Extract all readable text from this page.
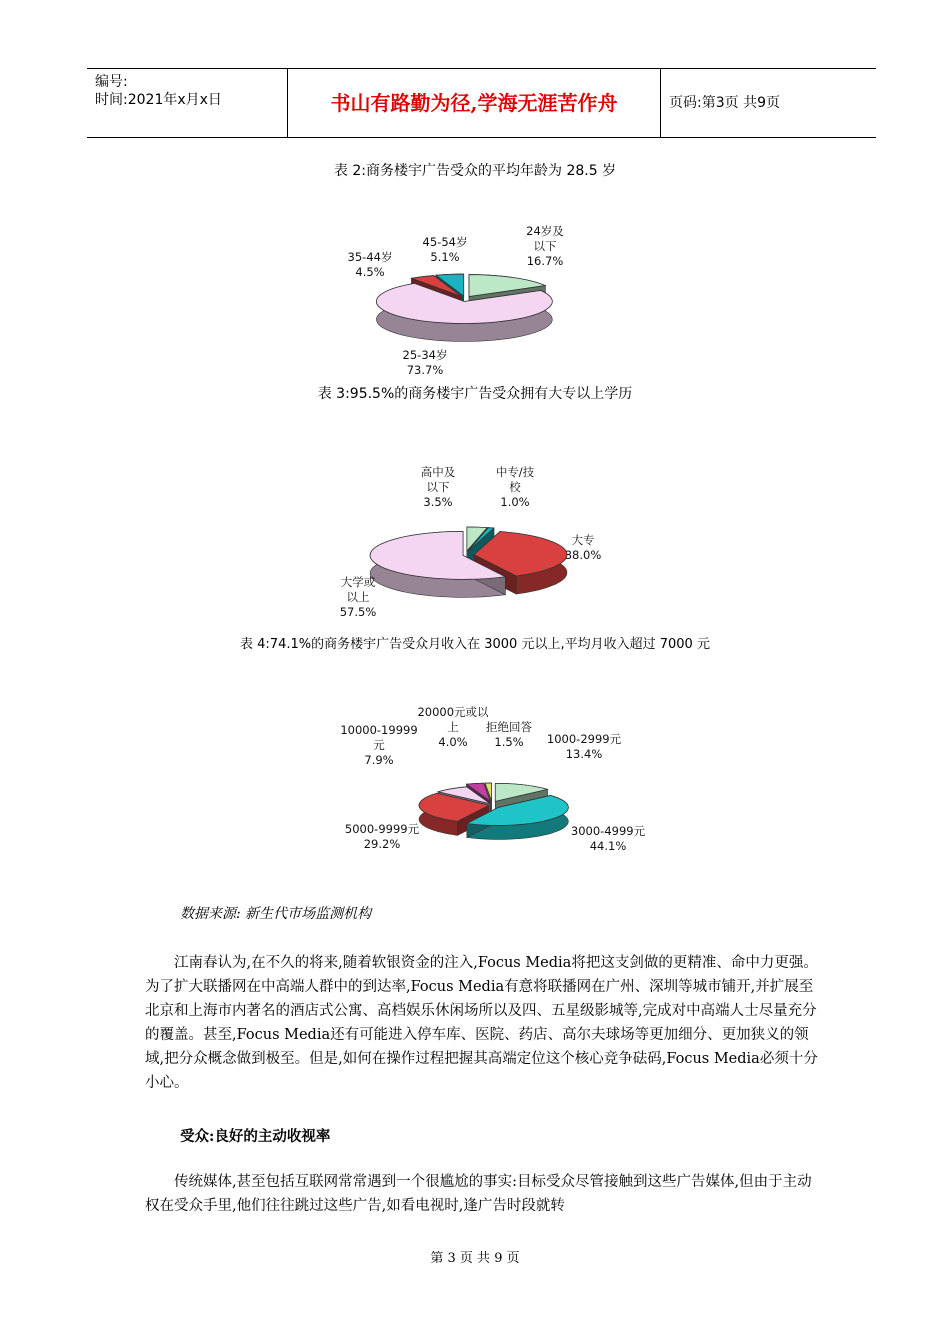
编号:
时间:2021年x月x日	书山有路勤为径,学海无涯苦作舟	页码:第3页 共9页
表 2:商务楼宇广告受众的平均年龄为 28.5 岁
24岁及
以下
16.7%
45-54岁
5.1%
35-44岁
4.5%
25-34岁
73.7%
表 3:95.5%的商务楼宇广告受众拥有大专以上学历
高中及
以下
3.5%
中专/技
校
1.0%
大专
38.0%
大学或
以上
57.5%
表 4:74.1%的商务楼宇广告受众月收入在 3000 元以上,平均月收入超过 7000 元
20000元或以
上
4.0%
10000-19999
元
7.9%
拒绝回答
1.5%	1000-2999元
13.4%
5000-9999元
29.2%
3000-4999元
44.1%
数据来源: 新生代市场监测机构
江南春认为,在不久的将来,随着软银资金的注入,Focus Media将把这支剑做的更精准、命中力更强。为了扩大联播网在中高端人群中的到达率,Focus Media有意将联播网在广州、深圳等城市铺开,并扩展至北京和上海市内著名的酒店式公寓、高档娱乐休闲场所以及四、五星级影城等,完成对中高端人士尽量充分的覆盖。甚至,Focus Media还有可能进入停车库、医院、药店、高尔夫球场等更加细分、更加狭义的领域,把分众概念做到极至。但是,如何在操作过程把握其高端定位这个核心竞争砝码,Focus Media必须十分小心。
受众:良好的主动收视率
传统媒体,甚至包括互联网常常遇到一个很尴尬的事实:目标受众尽管接触到这些广告媒体,但由于主动权在受众手里,他们往往跳过这些广告,如看电视时,逢广告时段就转
第 3 页 共 9 页
